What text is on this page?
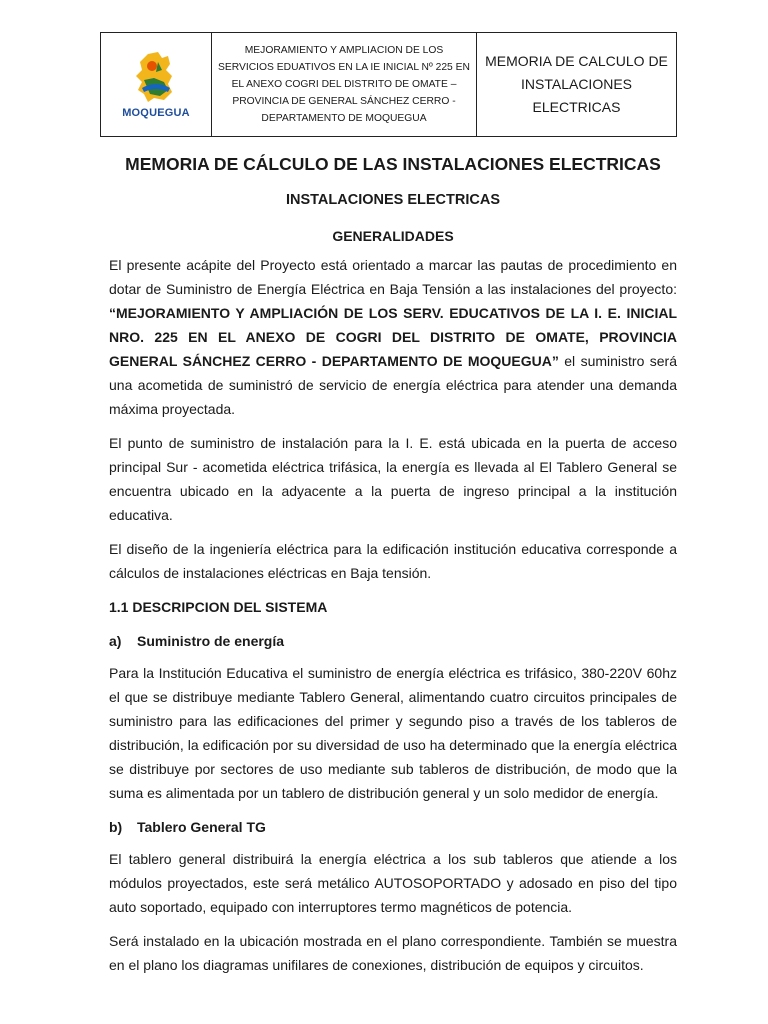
MOQUEGUA
MEJORAMIENTO Y AMPLIACION DE LOS SERVICIOS EDUATIVOS EN LA IE INICIAL Nº 225 EN EL ANEXO COGRI DEL DISTRITO DE OMATE – PROVINCIA DE GENERAL SÁNCHEZ CERRO - DEPARTAMENTO DE MOQUEGUA
MEMORIA DE CALCULO DE INSTALACIONES ELECTRICAS
MEMORIA DE CÁLCULO DE LAS INSTALACIONES ELECTRICAS
INSTALACIONES ELECTRICAS
GENERALIDADES

El presente acápite del Proyecto está orientado a marcar las pautas de procedimiento en dotar de Suministro de Energía Eléctrica en Baja Tensión a las instalaciones del proyecto: “MEJORAMIENTO Y AMPLIACIÓN DE LOS SERV. EDUCATIVOS DE LA I. E. INICIAL NRO. 225 EN EL ANEXO DE COGRI DEL DISTRITO DE OMATE, PROVINCIA GENERAL SÁNCHEZ CERRO - DEPARTAMENTO DE MOQUEGUA” el suministro será una acometida de suministró de servicio de energía eléctrica para atender una demanda máxima proyectada.

El punto de suministro de instalación para la I. E. está ubicada en la puerta de acceso principal Sur - acometida eléctrica trifásica, la energía es llevada al El Tablero General se encuentra ubicado en la adyacente a la puerta de ingreso principal a la institución educativa.

El diseño de la ingeniería eléctrica para la edificación institución educativa corresponde a cálculos de instalaciones eléctricas en Baja tensión.

1.1 DESCRIPCION DEL SISTEMA
a) Suministro de energía

Para la Institución Educativa el suministro de energía eléctrica es trifásico, 380-220V 60hz el que se distribuye mediante Tablero General, alimentando cuatro circuitos principales de suministro para las edificaciones del primer y segundo piso a través de los tableros de distribución, la edificación por su diversidad de uso ha determinado que la energía eléctrica se distribuye por sectores de uso mediante sub tableros de distribución, de modo que la suma es alimentada por un tablero de distribución general y un solo medidor de energía.

b) Tablero General TG

El tablero general distribuirá la energía eléctrica a los sub tableros que atiende a los módulos proyectados, este será metálico AUTOSOPORTADO y adosado en piso del tipo auto soportado, equipado con interruptores termo magnéticos de potencia.

Será instalado en la ubicación mostrada en el plano correspondiente. También se muestra en el plano los diagramas unifilares de conexiones, distribución de equipos y circuitos.
